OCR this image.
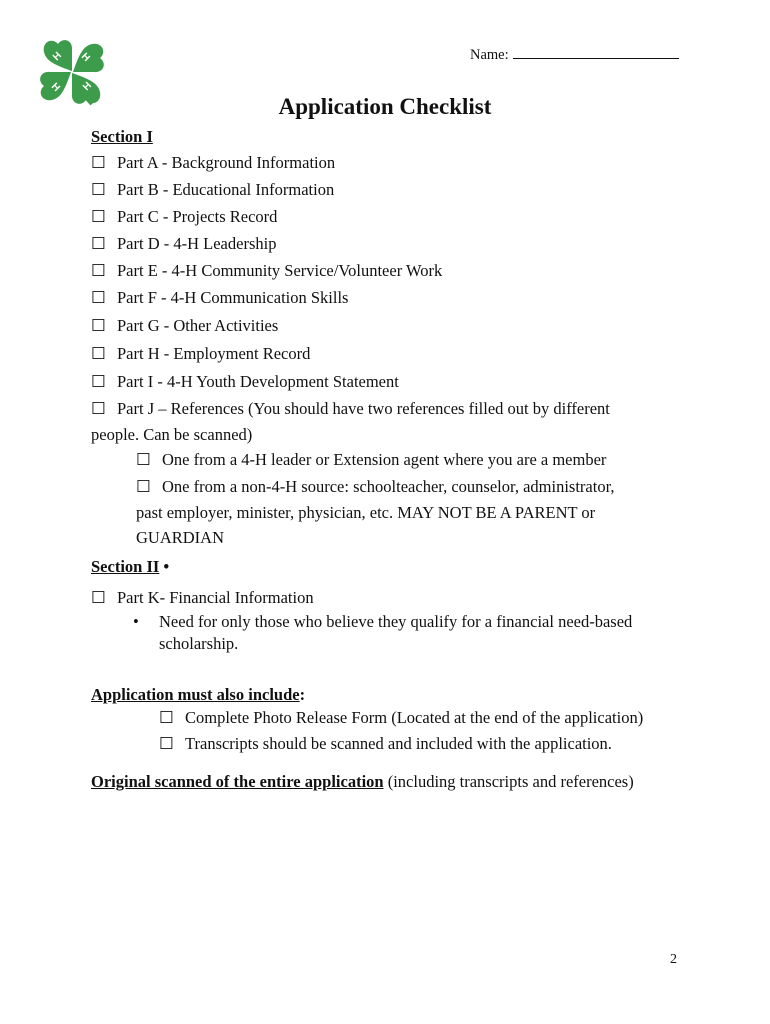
H H
H H
Name:
Application Checklist
Section I
☐ Part A - Background Information
☐ Part B - Educational Information
☐ Part C - Projects Record
☐ Part D - 4-H Leadership
☐ Part E - 4-H Community Service/Volunteer Work
☐ Part F - 4-H Communication Skills
☐ Part G - Other Activities
☐ Part H - Employment Record
☐ Part I - 4-H Youth Development Statement
☐ Part J – References (You should have two references filled out by different
people. Can be scanned)
☐ One from a 4-H leader or Extension agent where you are a member
☐ One from a non-4-H source: schoolteacher, counselor, administrator,
past employer, minister, physician, etc. MAY NOT BE A PARENT or
GUARDIAN
Section II •
☐ Part K- Financial Information
• Need for only those who believe they qualify for a financial need-based
scholarship.
Application must also include:
☐ Complete Photo Release Form (Located at the end of the application)
☐ Transcripts should be scanned and included with the application.
Original scanned of the entire application (including transcripts and references)
2
